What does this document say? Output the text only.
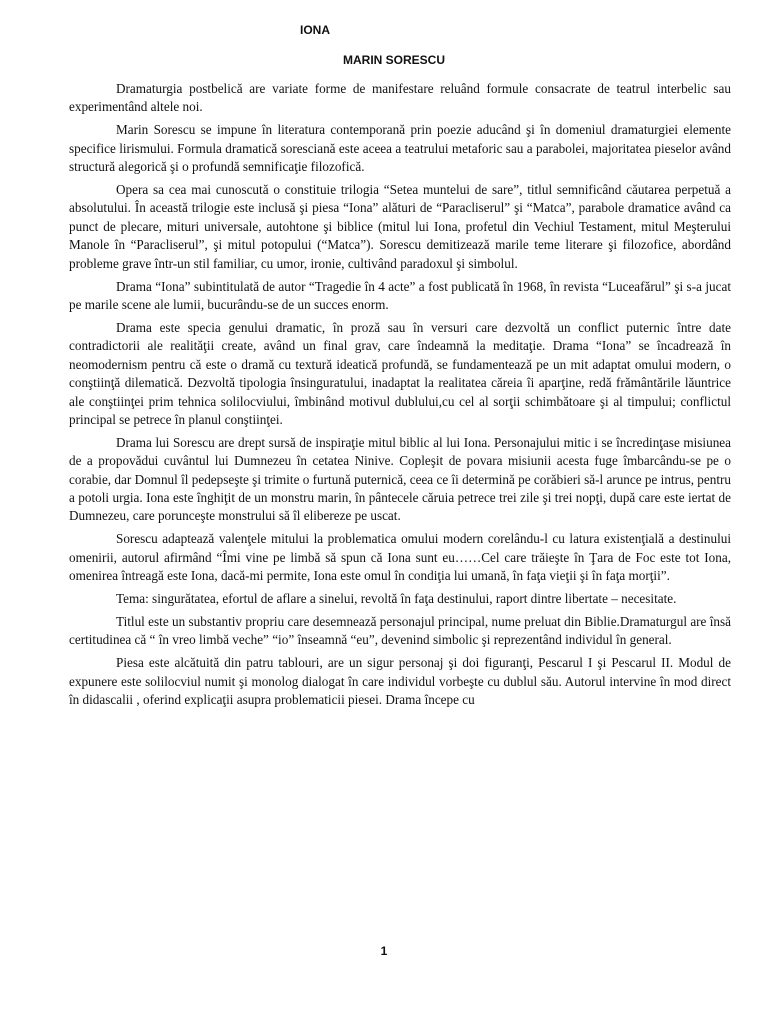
IONA
MARIN SORESCU

Dramaturgia postbelică are variate forme de manifestare reluând formule consacrate de teatrul interbelic sau experimentând altele noi.

Marin Sorescu se impune în literatura contemporană prin poezie aducând şi în domeniul dramaturgiei elemente specifice lirismului. Formula dramatică soresciană este aceea a teatrului metaforic sau a parabolei, majoritatea pieselor având structură alegorică şi o profundă semnificaţie filozofică.

Opera sa cea mai cunoscută o constituie trilogia “Setea muntelui de sare”, titlul semnificând căutarea perpetuă a absolutului. În această trilogie este inclusă şi piesa “Iona” alături de “Paracliserul” şi “Matca”, parabole dramatice având ca punct de plecare, mituri universale, autohtone şi biblice (mitul lui Iona, profetul din Vechiul Testament, mitul Meşterului Manole în “Paracliserul”, şi mitul potopului (“Matca”). Sorescu demitizează marile teme literare şi filozofice, abordând probleme grave într-un stil familiar, cu umor, ironie, cultivând paradoxul şi simbolul.

Drama “Iona” subintitulată de autor “Tragedie în 4 acte” a fost publicată în 1968, în revista “Luceafărul” şi s-a jucat pe marile scene ale lumii, bucurându-se de un succes enorm.

Drama este specia genului dramatic, în proză sau în versuri care dezvoltă un conflict puternic între date contradictorii ale realităţii create, având un final grav, care îndeamnă la meditaţie. Drama “Iona” se încadrează în neomodernism pentru că este o dramă cu textură ideatică profundă, se fundamentează pe un mit adaptat omului modern, o conştiinţă dilematică. Dezvoltă tipologia însinguratului, inadaptat la realitatea căreia îi aparţine, redă frământările lăuntrice ale conştiinţei prim tehnica solilocviului, îmbinând motivul dublului,cu cel al sorţii schimbătoare şi al timpului; conflictul principal se petrece în planul conştiinţei.

Drama lui Sorescu are drept sursă de inspiraţie mitul biblic al lui Iona. Personajului mitic i se încredinţase misiunea de a propovădui cuvântul lui Dumnezeu în cetatea Ninive. Copleşit de povara misiunii acesta fuge îmbarcându-se pe o corabie, dar Domnul îl pedepseşte şi trimite o furtună puternică, ceea ce îi determină pe corăbieri să-l arunce pe intrus, pentru a potoli urgia. Iona este înghiţit de un monstru marin, în pântecele căruia petrece trei zile şi trei nopţi, după care este iertat de Dumnezeu, care porunceşte monstrului să îl elibereze pe uscat.

Sorescu adaptează valenţele mitului la problematica omului modern corelându-l cu latura existenţială a destinului omenirii, autorul afirmând “Îmi vine pe limbă să spun că Iona sunt eu……Cel care trăieşte în Ţara de Foc este tot Iona, omenirea întreagă este Iona, dacă-mi permite, Iona este omul în condiţia lui umană, în faţa vieţii şi în faţa morţii”.

Tema: singurătatea, efortul de aflare a sinelui, revoltă în faţa destinului, raport dintre libertate – necesitate.

Titlul este un substantiv propriu care desemnează personajul principal, nume preluat din Biblie.Dramaturgul are însă certitudinea că “ în vreo limbă veche” “io” înseamnă “eu”, devenind simbolic şi reprezentând individul în general.

Piesa este alcătuită din patru tablouri, are un sigur personaj şi doi figuranţi, Pescarul I şi Pescarul II. Modul de expunere este solilocviul numit şi monolog dialogat în care individul vorbeşte cu dublul său. Autorul intervine în mod direct în didascalii , oferind explicaţii asupra problematicii piesei. Drama începe cu

1
